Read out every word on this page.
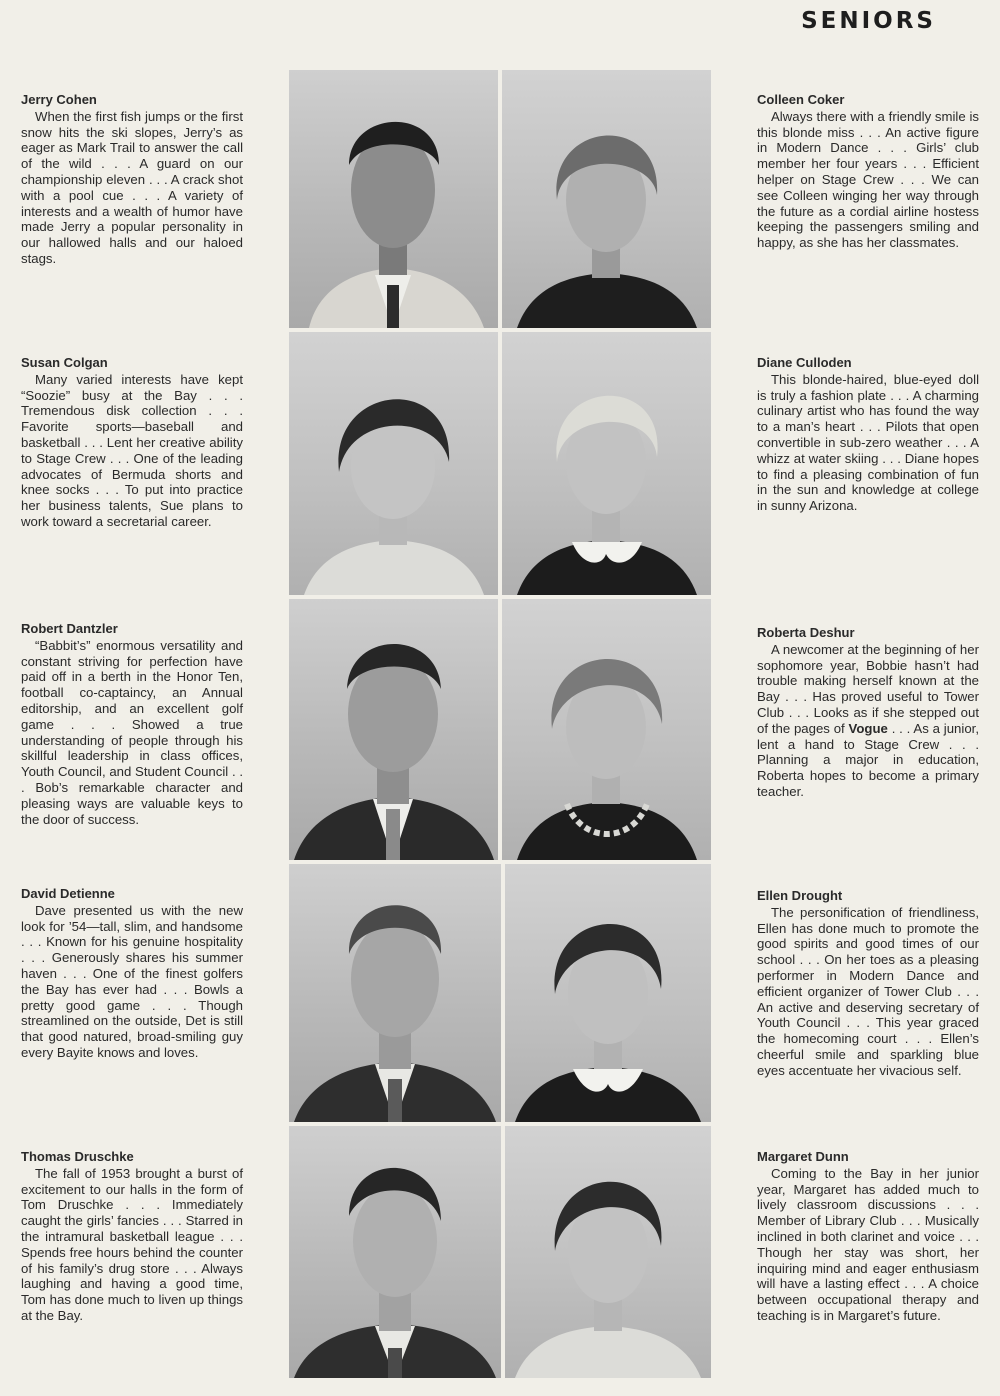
SENIORS
Jerry Cohen

When the first fish jumps or the first snow hits the ski slopes, Jerry’s as eager as Mark Trail to answer the call of the wild . . . A guard on our championship eleven . . . A crack shot with a pool cue . . . A variety of interests and a wealth of humor have made Jerry a popular personality in our hallowed halls and our haloed stags.

Susan Colgan

Many varied interests have kept “Soozie” busy at the Bay . . . Tremendous disk collection . . . Favorite sports—baseball and basketball . . . Lent her creative ability to Stage Crew . . . One of the leading advocates of Bermuda shorts and knee socks . . . To put into practice her business talents, Sue plans to work toward a secretarial career.

Robert Dantzler

“Babbit’s” enormous versatility and constant striving for perfection have paid off in a berth in the Honor Ten, football co-captaincy, an Annual editorship, and an excellent golf game . . . Showed a true understanding of people through his skillful leadership in class offices, Youth Council, and Student Council . . . Bob’s remarkable character and pleasing ways are valuable keys to the door of success.

David Detienne

Dave presented us with the new look for ’54—tall, slim, and handsome . . . Known for his genuine hospitality . . . Generously shares his summer haven . . . One of the finest golfers the Bay has ever had . . . Bowls a pretty good game . . . Though streamlined on the outside, Det is still that good natured, broad-smiling guy every Bayite knows and loves.

Thomas Druschke

The fall of 1953 brought a burst of excitement to our halls in the form of Tom Druschke . . . Immediately caught the girls’ fancies . . . Starred in the intramural basketball league . . . Spends free hours behind the counter of his family’s drug store . . . Always laughing and having a good time, Tom has done much to liven up things at the Bay.

Colleen Coker

Always there with a friendly smile is this blonde miss . . . An active figure in Modern Dance . . . Girls’ club member her four years . . . Efficient helper on Stage Crew . . . We can see Colleen winging her way through the future as a cordial airline hostess keeping the passengers smiling and happy, as she has her classmates.

Diane Culloden

This blonde-haired, blue-eyed doll is truly a fashion plate . . . A charming culinary artist who has found the way to a man’s heart . . . Pilots that open convertible in sub-zero weather . . . A whizz at water skiing . . . Diane hopes to find a pleasing combination of fun in the sun and knowledge at college in sunny Arizona.

Roberta Deshur

A newcomer at the beginning of her sophomore year, Bobbie hasn’t had trouble making herself known at the Bay . . . Has proved useful to Tower Club . . . Looks as if she stepped out of the pages of Vogue . . . As a junior, lent a hand to Stage Crew . . . Planning a major in education, Roberta hopes to become a primary teacher.

Ellen Drought

The personification of friendliness, Ellen has done much to promote the good spirits and good times of our school . . . On her toes as a pleasing performer in Modern Dance and efficient organizer of Tower Club . . . An active and deserving secretary of Youth Council . . . This year graced the homecoming court . . . Ellen’s cheerful smile and sparkling blue eyes accentuate her vivacious self.

Margaret Dunn

Coming to the Bay in her junior year, Margaret has added much to lively classroom discussions . . . Member of Library Club . . . Musically inclined in both clarinet and voice . . . Though her stay was short, her inquiring mind and eager enthusiasm will have a lasting effect . . . A choice between occupational therapy and teaching is in Margaret’s future.
